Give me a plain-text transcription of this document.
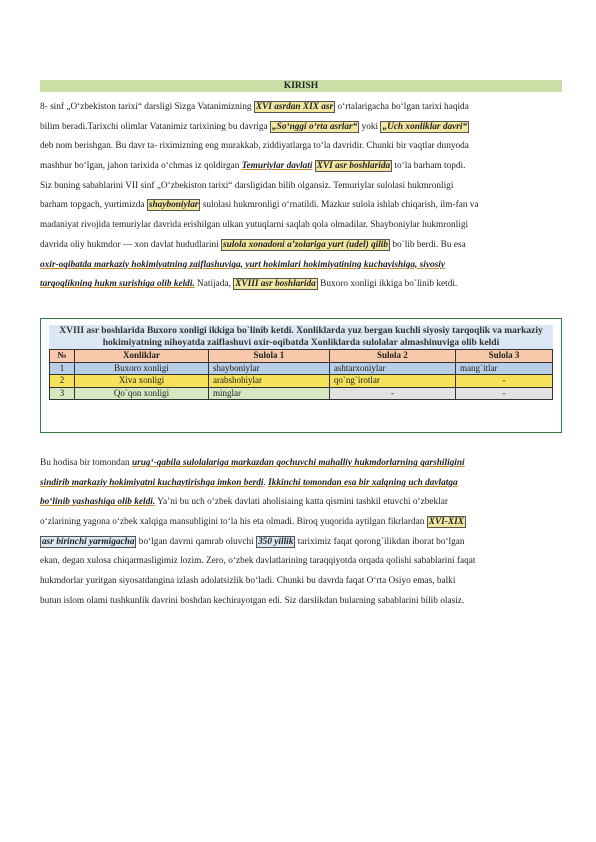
KIRISH
8- sinf „O‘zbekiston tarixi“ darsligi Sizga Vatanimizning XVI asrdan XIX asr o‘rtalarigacha bo‘lgan tarixi haqida
bilim beradi.Tarixchi olimlar Vatanimiz tarixining bu davriga „So‘nggi o‘rta asrlar“ yoki „Uch xonliklar davri“
deb nom berishgan. Bu davr ta- riximizning eng murakkab, ziddiyatlarga to‘la davridir. Chunki bir vaqtlar dunyoda
mashhur bo‘lgan, jahon tarixida o‘chmas iz qoldirgan Temuriylar davlati XVI asr boshlarida to‘la barham topdi.
Siz buning sabablarini VII sinf „O‘zbekiston tarixi“ darsligidan bilib olgansiz. Temuriylar sulolasi hukmronligi
barham topgach, yurtimizda shayboniylar sulolasi hukmronligi o‘rnatildi. Mazkur sulola ishlab chiqarish, ilm-fan va
madaniyat rivojida temuriylar davrida erishilgan ulkan yutuqlarni saqlab qola olmadilar. Shayboniylar hukmronligi
davrida oliy hukmdor — xon davlat hududlarini sulola xonadoni a’zolariga yurt (udel) qilib bo`lib berdi. Bu esa
oxir-oqibatda markaziy hokimiyatning zaiflashuviga, yurt hokimlari hokimiyatining kuchayishiga, siyosiy
tarqoqlikning hukm surishiga olib keldi. Natijada, XVIII asr boshlarida Buxoro xonligi ikkiga bo`linib ketdi.
XVIII asr boshlarida Buxoro xonligi ikkiga bo`linib ketdi. Xonliklarda yuz bergan kuchli siyosiy tarqoqlik va markaziy hokimiyatning nihoyatda zaiflashuvi oxir-oqibatda Xonliklarda sulolalar almashinuviga olib keldi
№	Xonliklar	Sulola 1	Sulola 2	Sulola 3
1	Buxoro xonligi	shayboniylar	ashtarxoniylar	mang`itlar
2	Xiva xonligi	arabshohiylar	qo`ng`irotlar	-
3	Qo`qon xonligi	minglar	-	-
Bu hodisa bir tomondan urug‘-qabila sulolalariga markazdan qochuvchi mahalliy hukmdorlarning qarshiligini
sindirib markaziy hokimiyatni kuchaytirishga imkon berdi. Ikkinchi tomondan esa bir xalqning uch davlatga
bo‘linib yashashiga olib keldi. Ya’ni bu uch o‘zbek davlati aholisiaing katta qismini tashkil etuvchi o‘zbeklar
o‘zlarining yagona o‘zbek xalqiga mansubligini to‘la his eta olmadi. Biroq yuqorida aytilgan fikrlardan XVI-XIX
asr birinchi yarmigacha bo‘lgan davrni qamrab oluvchi 350 yillik tariximiz faqat qorong`ilikdan iborat bo‘lgan
ekan, degan xulosa chiqarmasligimiz lozim. Zero, o‘zbek davlatlarining taraqqiyotda orqada qolishi sabablarini faqat
hukmdorlar yuritgan siyosatdangina izlash adolatsizlik bo‘ladi. Chunki bu davrda faqat O‘rta Osiyo emas, balki
butun islom olami tushkunlik davrini boshdan kechirayotgan edi. Siz darslikdan bularning sabablarini bilib olasiz.
